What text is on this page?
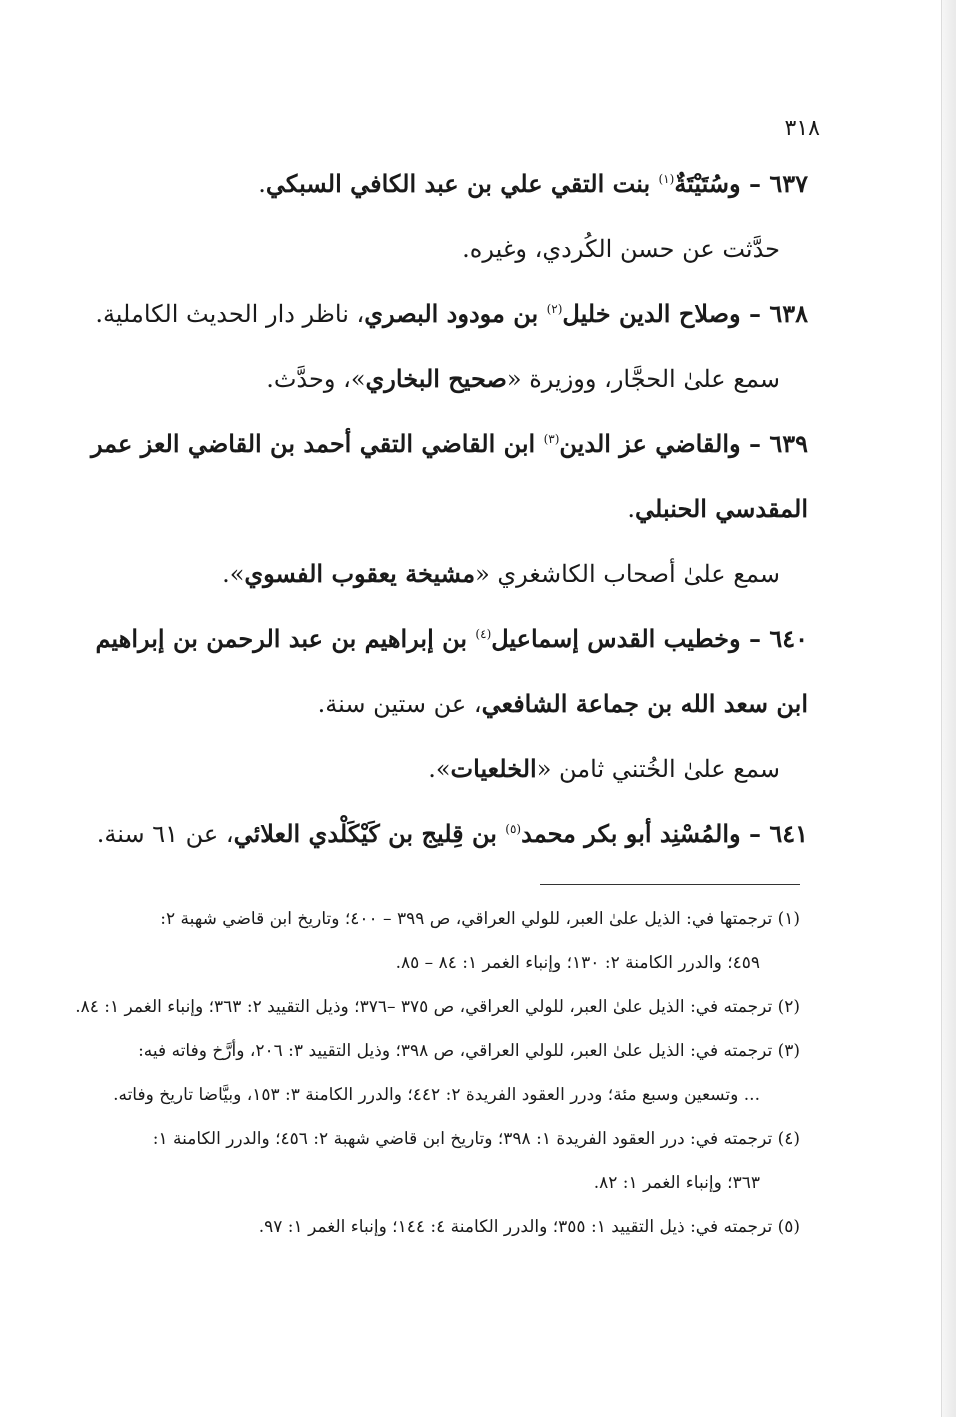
٣١٨
٦٣٧ – وسُتَيْتَةٌ$^{(١)}$ بنت التقي علي بن عبد الكافي السبكي.
حدَّثت عن حسن الكُردي، وغيره.
٦٣٨ – وصلاح الدين خليل$^{(٢)}$ بن مودود البصري، ناظر دار الحديث الكاملية.
سمع علىٰ الحجَّار، ووزيرة «صحيح البخاري»، وحدَّث.
٦٣٩ – والقاضي عز الدين$^{(٣)}$ ابن القاضي التقي أحمد بن القاضي العز عمر
المقدسي الحنبلي.
سمع علىٰ أصحاب الكاشغري «مشيخة يعقوب الفسوي».
٦٤٠ – وخطيب القدس إسماعيل$^{(٤)}$ بن إبراهيم بن عبد الرحمن بن إبراهيم
ابن سعد الله بن جماعة الشافعي، عن ستين سنة.
سمع علىٰ الخُتني ثامن «الخلعيات».
٦٤١ – والمُسْنِد أبو بكر محمد$^{(٥)}$ بن قِليج بن كَيْكَلْدي العلائي، عن ٦١ سنة.
(١) ترجمتها في: الذيل علىٰ العبر، للولي العراقي، ص ٣٩٩ – ٤٠٠؛ وتاريخ ابن قاضي شهبة ٢:
٤٥٩؛ والدرر الكامنة ٢: ١٣٠؛ وإنباء الغمر ١: ٨٤ – ٨٥.
(٢) ترجمته في: الذيل علىٰ العبر، للولي العراقي، ص ٣٧٥ –٣٧٦؛ وذيل التقييد ٢: ٣٦٣؛ وإنباء الغمر ١: ٨٤.
(٣) ترجمته في: الذيل علىٰ العبر، للولي العراقي، ص ٣٩٨؛ وذيل التقييد ٣: ٢٠٦، وأرَّخ وفاته فيه:
... وتسعين وسبع مئة؛ ودرر العقود الفريدة ٢: ٤٤٢؛ والدرر الكامنة ٣: ١٥٣، وبيَّاضا تاريخ وفاته.
(٤) ترجمته في: درر العقود الفريدة ١: ٣٩٨؛ وتاريخ ابن قاضي شهبة ٢: ٤٥٦؛ والدرر الكامنة ١:
٣٦٣؛ وإنباء الغمر ١: ٨٢.
(٥) ترجمته في: ذيل التقييد ١: ٣٥٥؛ والدرر الكامنة ٤: ١٤٤؛ وإنباء الغمر ١: ٩٧.
